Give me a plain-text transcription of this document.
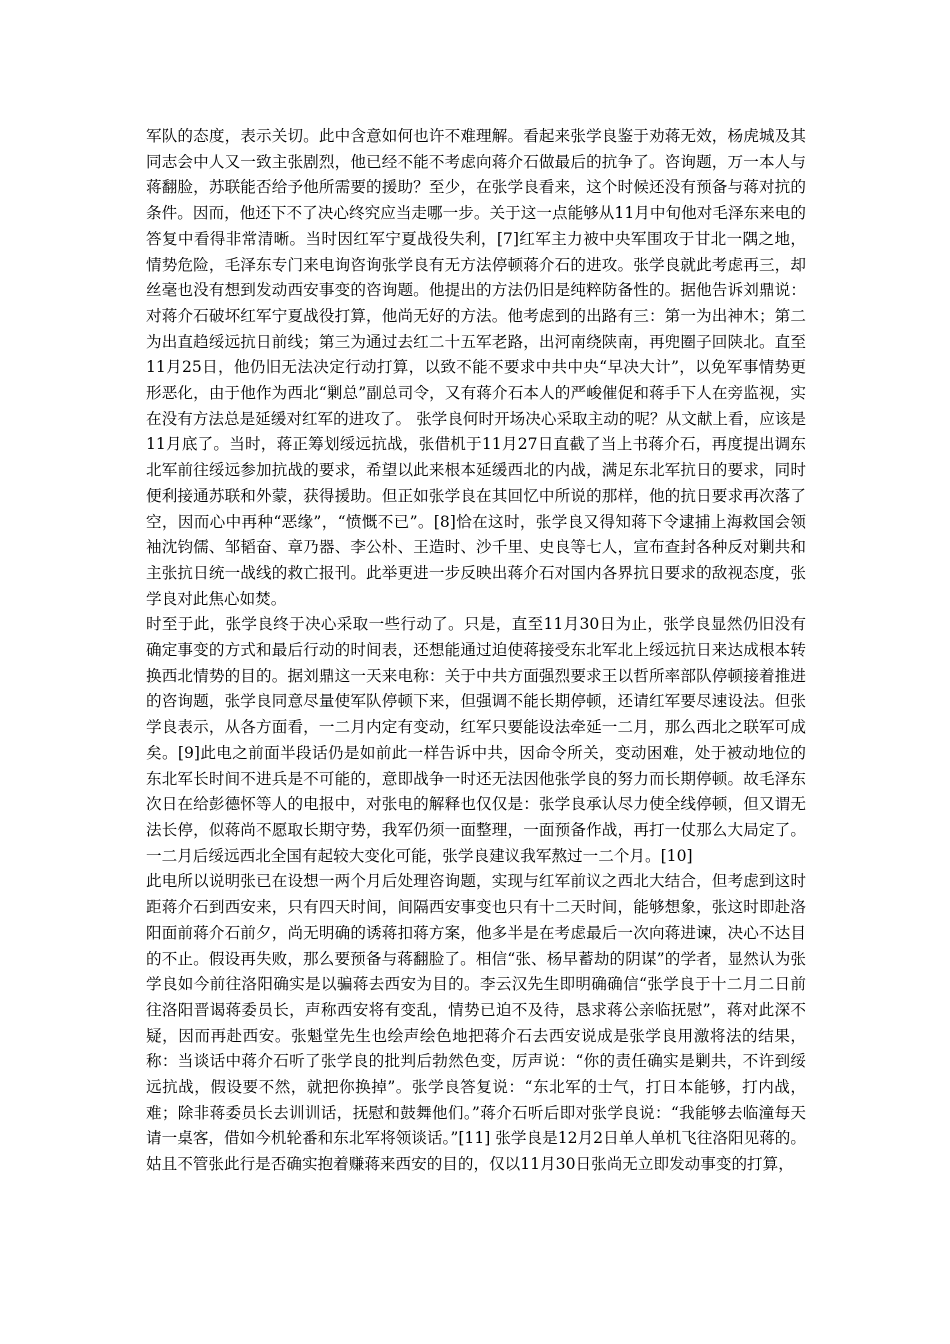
军队的态度，表示关切。此中含意如何也许不难理解。看起来张学良鉴于劝蒋无效，杨虎城及其同志会中人又一致主张剧烈，他已经不能不考虑向蒋介石做最后的抗争了。咨询题，万一本人与蒋翻脸，苏联能否给予他所需要的援助？至少，在张学良看来，这个时候还没有预备与蒋对抗的条件。因而，他还下不了决心终究应当走哪一步。关于这一点能够从11月中旬他对毛泽东来电的答复中看得非常清晰。当时因红军宁夏战役失利，[7]红军主力被中央军围攻于甘北一隅之地，情势危险，毛泽东专门来电询咨询张学良有无方法停顿蒋介石的进攻。张学良就此考虑再三，却丝毫也没有想到发动西安事变的咨询题。他提出的方法仍旧是纯粹防备性的。据他告诉刘鼎说：对蒋介石破坏红军宁夏战役打算，他尚无好的方法。他考虑到的出路有三：第一为出神木；第二为出直趋绥远抗日前线；第三为通过去红二十五军老路，出河南绕陕南，再兜圈子回陕北。直至11月25日，他仍旧无法决定行动打算，以致不能不要求中共中央“早决大计”，以免军事情势更形恶化，由于他作为西北“剿总”副总司令，又有蒋介石本人的严峻催促和蒋手下人在旁监视，实在没有方法总是延缓对红军的进攻了。 张学良何时开场决心采取主动的呢？从文献上看，应该是11月底了。当时，蒋正筹划绥远抗战，张借机于11月27日直截了当上书蒋介石，再度提出调东北军前往绥远参加抗战的要求，希望以此来根本延缓西北的内战，满足东北军抗日的要求，同时便利接通苏联和外蒙，获得援助。但正如张学良在其回忆中所说的那样，他的抗日要求再次落了空，因而心中再种“恶缘”，“愤慨不已”。[8]恰在这时，张学良又得知蒋下令逮捕上海救国会领袖沈钧儒、邹韬奋、章乃器、李公朴、王造时、沙千里、史良等七人，宣布查封各种反对剿共和主张抗日统一战线的救亡报刊。此举更进一步反映出蒋介石对国内各界抗日要求的敌视态度，张学良对此焦心如焚。

时至于此，张学良终于决心采取一些行动了。只是，直至11月30日为止，张学良显然仍旧没有确定事变的方式和最后行动的时间表，还想能通过迫使蒋接受东北军北上绥远抗日来达成根本转换西北情势的目的。据刘鼎这一天来电称：关于中共方面强烈要求王以哲所率部队停顿接着推进的咨询题，张学良同意尽量使军队停顿下来，但强调不能长期停顿，还请红军要尽速设法。但张学良表示，从各方面看，一二月内定有变动，红军只要能设法牵延一二月，那么西北之联军可成矣。[9]此电之前面半段话仍是如前此一样告诉中共，因命令所关，变动困难，处于被动地位的东北军长时间不进兵是不可能的，意即战争一时还无法因他张学良的努力而长期停顿。故毛泽东次日在给彭德怀等人的电报中，对张电的解释也仅仅是：张学良承认尽力使全线停顿，但又谓无法长停，似蒋尚不愿取长期守势，我军仍须一面整理，一面预备作战，再打一仗那么大局定了。一二月后绥远西北全国有起较大变化可能，张学良建议我军熬过一二个月。[10]

此电所以说明张已在设想一两个月后处理咨询题，实现与红军前议之西北大结合，但考虑到这时距蒋介石到西安来，只有四天时间，间隔西安事变也只有十二天时间，能够想象，张这时即赴洛阳面前蒋介石前夕，尚无明确的诱蒋扣蒋方案，他多半是在考虑最后一次向蒋进谏，决心不达目的不止。假设再失败，那么要预备与蒋翻脸了。相信“张、杨早蓄劫的阴谋”的学者，显然认为张学良如今前往洛阳确实是以骗蒋去西安为目的。李云汉先生即明确确信“张学良于十二月二日前往洛阳晋谒蒋委员长，声称西安将有变乱，情势已迫不及待，恳求蒋公亲临抚慰”，蒋对此深不疑，因而再赴西安。张魁堂先生也绘声绘色地把蒋介石去西安说成是张学良用激将法的结果，称：当谈话中蒋介石听了张学良的批判后勃然色变，厉声说：“你的责任确实是剿共，不许到绥远抗战，假设要不然，就把你换掉”。张学良答复说：“东北军的士气，打日本能够，打内战，难；除非蒋委员长去训训话，抚慰和鼓舞他们。”蒋介石听后即对张学良说：“我能够去临潼每天请一桌客，借如今机轮番和东北军将领谈话。”[11] 张学良是12月2日单人单机飞往洛阳见蒋的。姑且不管张此行是否确实抱着赚蒋来西安的目的，仅以11月30日张尚无立即发动事变的打算，
